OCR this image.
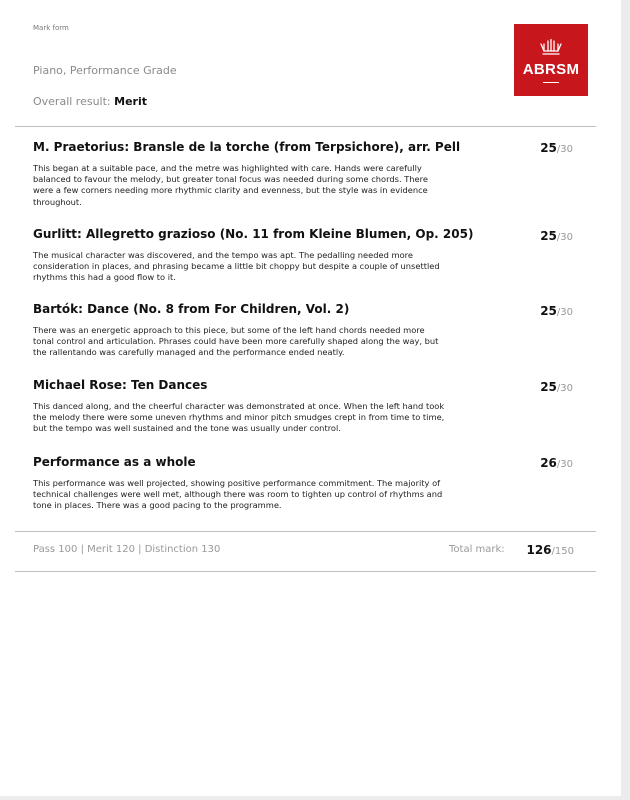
Mark form
Piano, Performance Grade
Overall result: Merit
ABRSM
M. Praetorius: Bransle de la torche (from Terpsichore), arr. Pell
This began at a suitable pace, and the metre was highlighted with care. Hands were carefully balanced to favour the melody, but greater tonal focus was needed during some chords. There were a few corners needing more rhythmic clarity and evenness, but the style was in evidence throughout.
25/30
Gurlitt: Allegretto grazioso (No. 11 from Kleine Blumen, Op. 205)
The musical character was discovered, and the tempo was apt. The pedalling needed more consideration in places, and phrasing became a little bit choppy but despite a couple of unsettled rhythms this had a good flow to it.
25/30
Bartók: Dance (No. 8 from For Children, Vol. 2)
There was an energetic approach to this piece, but some of the left hand chords needed more tonal control and articulation. Phrases could have been more carefully shaped along the way, but the rallentando was carefully managed and the performance ended neatly.
25/30
Michael Rose: Ten Dances
This danced along, and the cheerful character was demonstrated at once. When the left hand took the melody there were some uneven rhythms and minor pitch smudges crept in from time to time, but the tempo was well sustained and the tone was usually under control.
25/30
Performance as a whole
This performance was well projected, showing positive performance commitment. The majority of technical challenges were well met, although there was room to tighten up control of rhythms and tone in places. There was a good pacing to the programme.
26/30
Pass 100 | Merit 120 | Distinction 130	Total mark:	126/150
